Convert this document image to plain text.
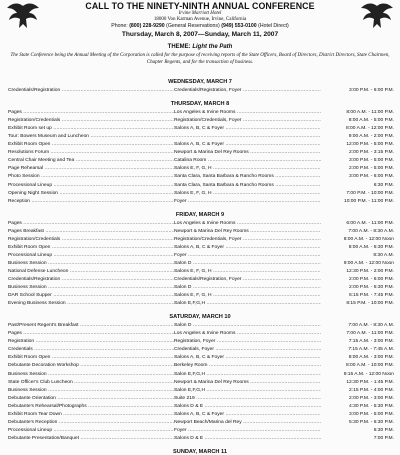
CALL TO THE NINETY-NINTH ANNUAL CONFERENCE
Irvine Marriott Hotel
18000 Von Karman Avenue, Irvine, California
Phone: (800) 228-9290 (General Reservations) (949) 553-0100 (Hotel Direct)
Thursday, March 8, 2007—Sunday, March 11, 2007
THEME: Light the Path
The State Conference being the Annual Meeting of the Corporation is called for the purpose of receiving reports of the State Officers, Board of Directors, District Directors, State Chairmen, Chapter Regents, and for the transaction of business.
WEDNESDAY, MARCH 7
Credentials/Registration .....	Credentials/Registration, Foyer .....	3:00 P.M. - 6:00 P.M.
THURSDAY, MARCH 8
Pages .....	Los Angeles & Irvine Rooms .....	8:00 A.M. - 11:00 P.M.
Registration/Credentials .....	Registration/Credentials, Foyer .....	8:00 A.M. - 5:00 P.M.
Exhibit Room set up .....	Salons A, B, C & Foyer .....	8:00 A.M. - 12:00 P.M.
Tour: Bowers Museum and Luncheon .....
.....	9:00 A.M. - 2:00 P.M.
Exhibit Room Open .....	Salons A, B, C & Foyer .....	12:00 P.M. - 5:00 P.M.
Resolutions Forum .....	Newport & Marina Del Rey Rooms .....	2:00 P.M. - 3:15 P.M.
Central Chair Meeting and Tea .....	Catalina Room .....	3:00 P.M. - 5:00 P.M.
Page Rehearsal .....	Salons E, F, G, H .....	2:00 P.M. - 5:00 P.M.
Photo Session .....	Santa Clara, Santa Barbara & Rancho Rooms .....	3:00 P.M. - 6:00 P.M.
Processional Lineup .....	Santa Clara, Santa Barbara & Rancho Rooms .....	6:30 P.M.
Opening Night Session .....	Salons E, F, G, H .....	7:00 P.M. - 10:00 P.M.
Reception .....	Foyer .....	10:00 P.M. - 11:00 P.M.
FRIDAY, MARCH 9
Pages .....	Los Angeles & Irvine Rooms .....	6:00 A.M. - 11:00 P.M.
Pages Breakfast .....	Newport & Marina Del Rey Rooms .....	7:00 A.M. - 8:30 A.M.
Registration/Credentials .....	Registration/Credentials, Foyer .....	8:00 A.M. - 12:00 Noon
Exhibit Room Open .....	Salons A, B, C & Foyer .....	8:00 A.M. - 5:30 P.M.
Processional Lineup .....	Foyer .....	8:30 A.M.
Business Session .....	Salon D .....	9:00 A.M. - 12:00 Noon
National Defense Luncheon .....	Salons E, F, G, H .....	12:30 P.M. - 2:00 P.M.
Credentials/Registration .....	Credentials/Registration, Foyer .....	2:00 P.M. - 6:00 P.M.
Business Session .....	Salon D .....	2:00 P.M. - 5:30 P.M.
DAR School Supper .....	Salons E, F, G, H .....	6:15 P.M. - 7:45 P.M.
Evening Business Session .....	Salon E,F,G,H .....	8:15 P.M. - 10:00 P.M.
SATURDAY, MARCH 10
Past/Present Regent's Breakfast .....	Salon D .....	7:00 A.M. - 8:30 A.M.
Pages .....	Los Angeles & Irvine Rooms .....	7:00 A.M. - 11:00 P.M.
Registration .....	Registration, Foyer .....	7:15 A.M. - 3:00 P.M.
Credentials .....	Credentials, Foyer .....	7:15 A.M. - 7:45 A.M.
Exhibit Room Open .....	Salons A, B, C & Foyer .....	8:00 A.M. - 3:00 P.M.
Debutante Decoration Workshop .....	Berkeley Room .....	8:00 A.M. - 10:00 P.M.
Business Session .....	Salon E,F,G,H .....	9:15 A.M. - 12:00 Noon
State Officer's Club Luncheon .....	Newport & Marina Del Rey Rooms .....	12:30 P.M. - 1:45 P.M.
Business Session .....	Salon E,F,G,H .....	2:15 P.M. - 4:00 P.M.
Debutante Orientation .....	Suite 219 .....	2:00 P.M. - 3:00 P.M.
Debutante's Rehearsal/Photographs .....	Salons D & E .....	4:30 P.M. - 5:30 P.M.
Exhibit Room Tear Down .....	Salons A, B, C & Foyer .....	3:00 P.M. - 5:00 P.M.
Debutante's Reception .....	Newport Beach/Marina del Rey .....	5:30 P.M. - 6:30 P.M.
Processional Lineup .....	Foyer .....	6:30 P.M.
Debutante Presentation/Banquet .....	Salons D & E .....	7:00 P.M.
SUNDAY, MARCH 11
